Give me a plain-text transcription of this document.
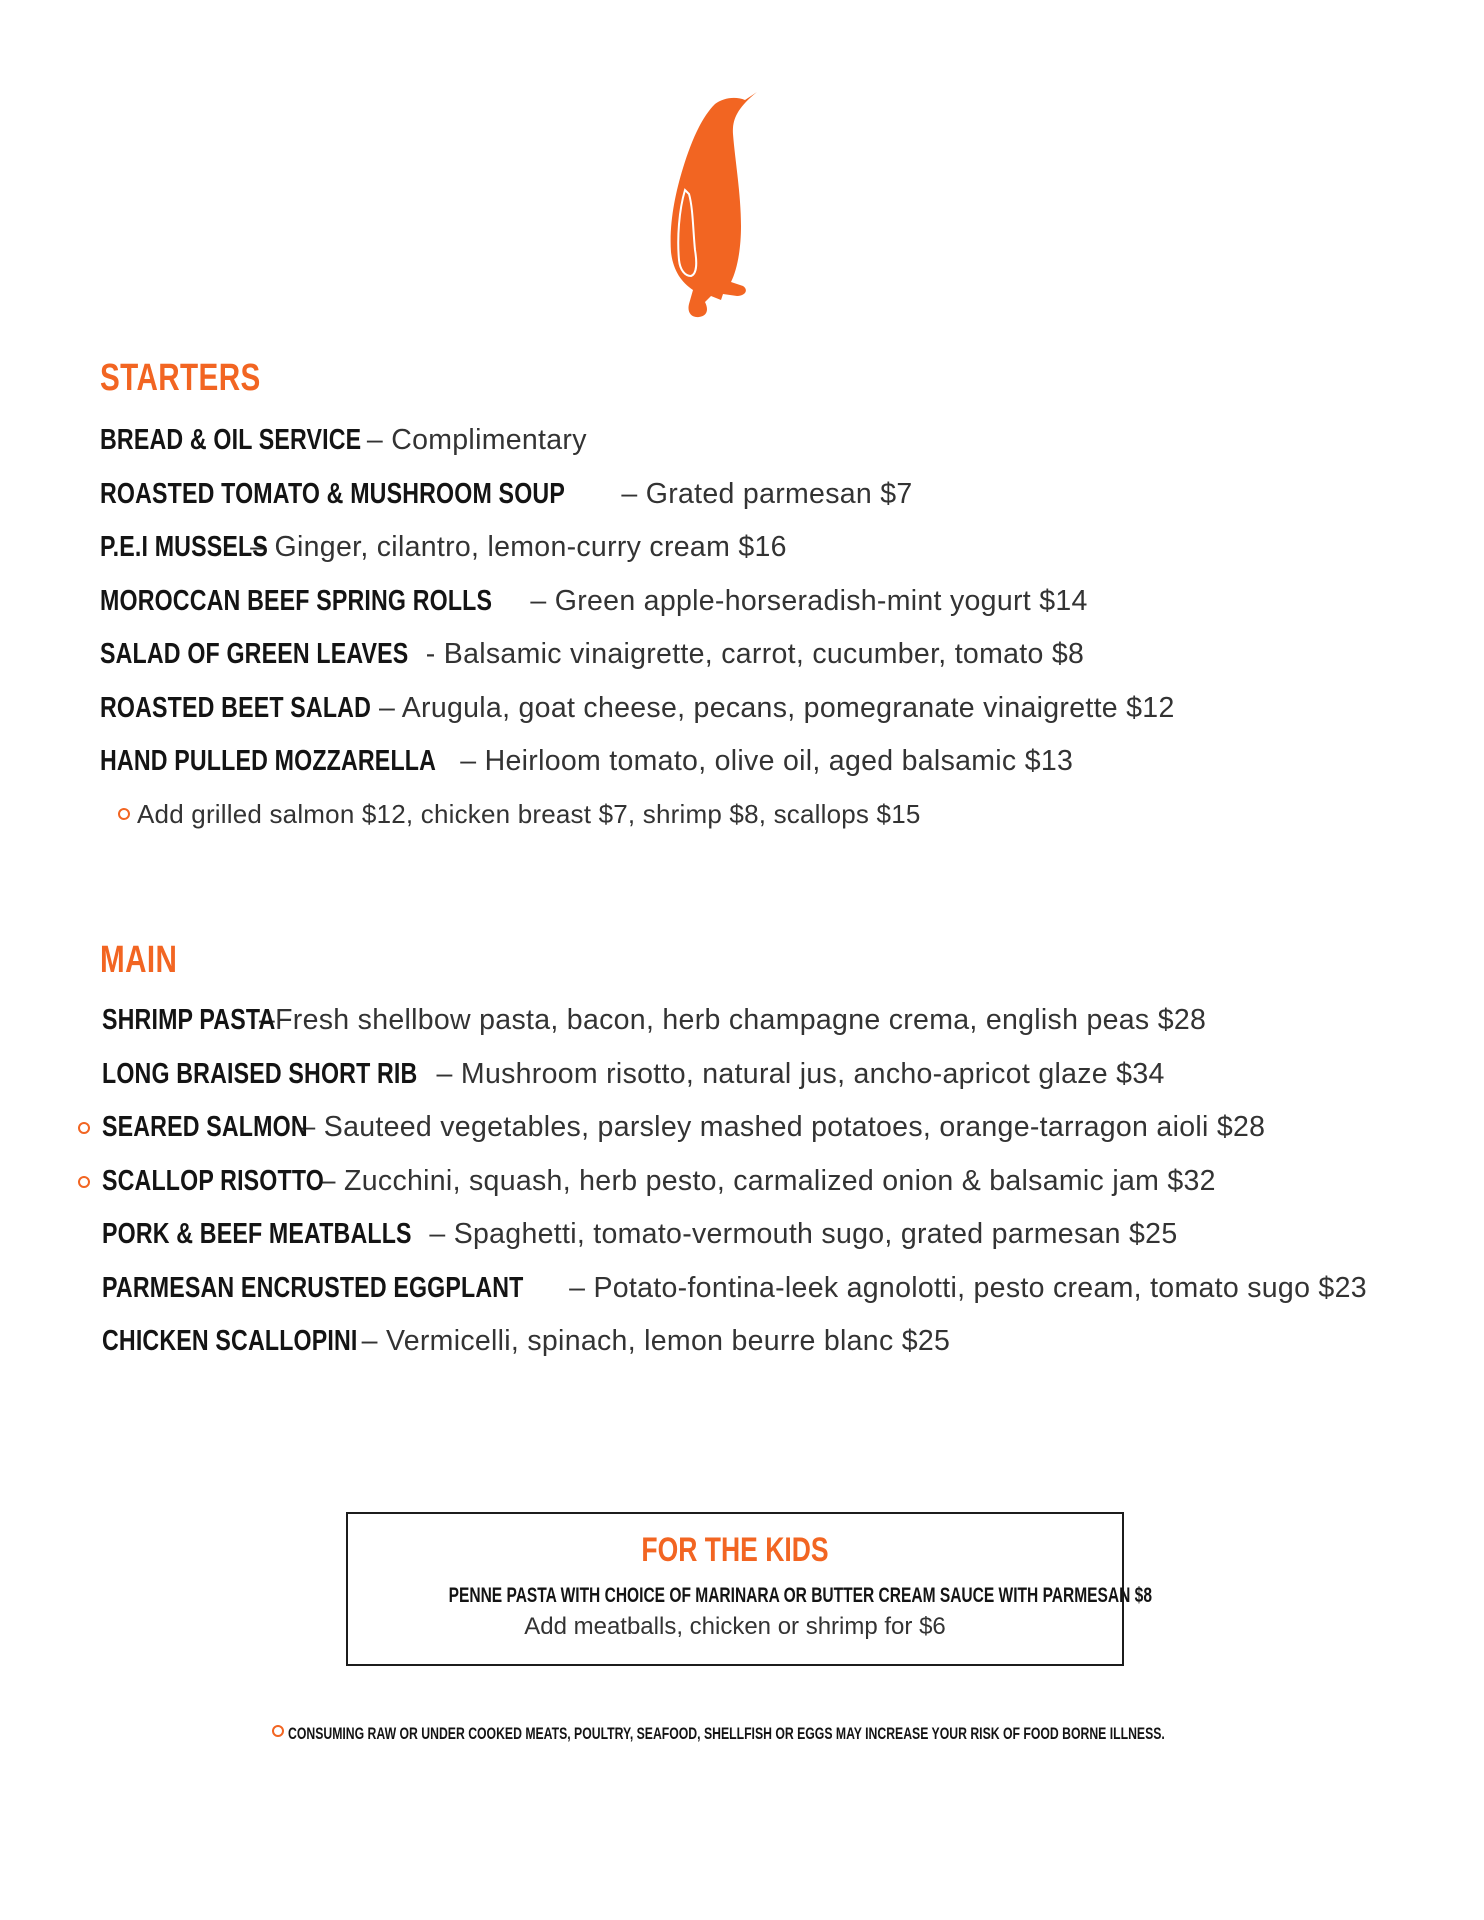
STARTERS
BREAD & OIL SERVICE – Complimentary
ROASTED TOMATO & MUSHROOM SOUP – Grated parmesan $7
P.E.I MUSSELS – Ginger, cilantro, lemon-curry cream $16
MOROCCAN BEEF SPRING ROLLS – Green apple-horseradish-mint yogurt $14
SALAD OF GREEN LEAVES - Balsamic vinaigrette, carrot, cucumber, tomato $8
ROASTED BEET SALAD – Arugula, goat cheese, pecans, pomegranate vinaigrette $12
HAND PULLED MOZZARELLA – Heirloom tomato, olive oil, aged balsamic $13
Add grilled salmon $12, chicken breast $7, shrimp $8, scallops $15
MAIN
SHRIMP PASTA –Fresh shellbow pasta, bacon, herb champagne crema, english peas $28
LONG BRAISED SHORT RIB – Mushroom risotto, natural jus, ancho-apricot glaze $34
SEARED SALMON – Sauteed vegetables, parsley mashed potatoes, orange-tarragon aioli $28
SCALLOP RISOTTO – Zucchini, squash, herb pesto, carmalized onion & balsamic jam $32
PORK & BEEF MEATBALLS – Spaghetti, tomato-vermouth sugo, grated parmesan $25
PARMESAN ENCRUSTED EGGPLANT – Potato-fontina-leek agnolotti, pesto cream, tomato sugo $23
CHICKEN SCALLOPINI – Vermicelli, spinach, lemon beurre blanc $25
FOR THE KIDS
PENNE PASTA WITH CHOICE OF MARINARA OR BUTTER CREAM SAUCE WITH PARMESAN $8
Add meatballs, chicken or shrimp for $6
CONSUMING RAW OR UNDER COOKED MEATS, POULTRY, SEAFOOD, SHELLFISH OR EGGS MAY INCREASE YOUR RISK OF FOOD BORNE ILLNESS.
